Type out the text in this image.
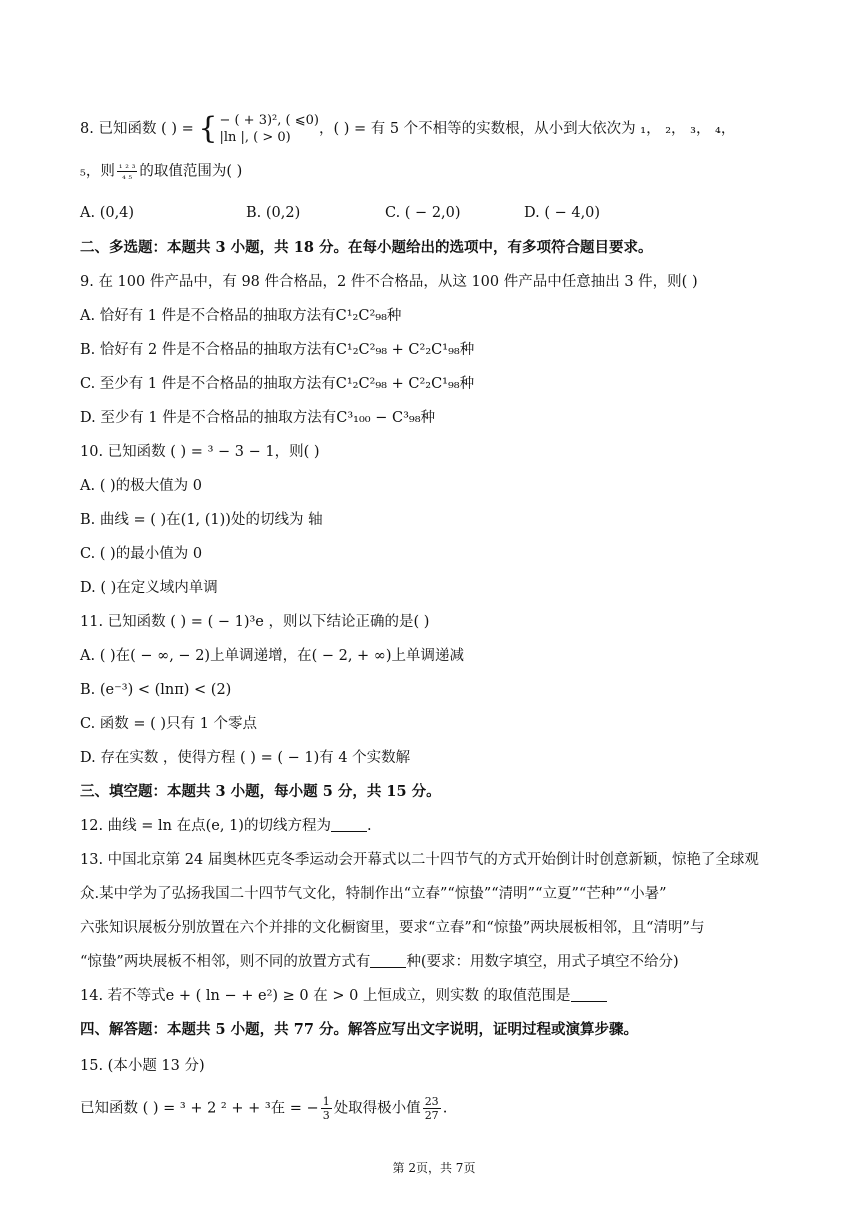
8. 已知函数 ( ) = { − ( + 3)², ( ⩽0)
|ln |, ( > 0)
，( ) = 有 5 个不相等的实数根，从小到大依次为 ₁， ₂， ₃， ₄，
₅，则 $\frac{\text{₁ ₂ ₃}}{\text{₄ ₅}}$ 的取值范围为( )
A. (0,4)	B. (0,2)	C. ( − 2,0)	D. ( − 4,0)
二、多选题：本题共 3 小题，共 18 分。在每小题给出的选项中，有多项符合题目要求。
9. 在 100 件产品中，有 98 件合格品，2 件不合格品，从这 100 件产品中任意抽出 3 件，则( )
A. 恰好有 1 件是不合格品的抽取方法有C¹₂C²₉₈种
B. 恰好有 2 件是不合格品的抽取方法有C¹₂C²₉₈ + C²₂C¹₉₈种
C. 至少有 1 件是不合格品的抽取方法有C¹₂C²₉₈ + C²₂C¹₉₈种
D. 至少有 1 件是不合格品的抽取方法有C³₁₀₀ − C³₉₈种
10. 已知函数 ( ) = ³ − 3 − 1，则( )
A. ( )的极大值为 0
B. 曲线 = ( )在(1, (1))处的切线为 轴
C. ( )的最小值为 0
D. ( )在定义域内单调
11. 已知函数 ( ) = ( − 1)³e ，则以下结论正确的是( )
A. ( )在( − ∞, − 2)上单调递增，在( − 2, + ∞)上单调递减
B. (e⁻³) < (lnπ) < (2)
C. 函数 = ( )只有 1 个零点
D. 存在实数 ，使得方程 ( ) = ( − 1)有 4 个实数解
三、填空题：本题共 3 小题，每小题 5 分，共 15 分。
12. 曲线 = ln 在点(e, 1)的切线方程为 .
13. 中国北京第 24 届奥林匹克冬季运动会开幕式以二十四节气的方式开始倒计时创意新颖，惊艳了全球观
众.某中学为了弘扬我国二十四节气文化，特制作出“立春”“惊蛰”“清明”“立夏”“芒种”“小暑”
六张知识展板分别放置在六个并排的文化橱窗里，要求“立春”和“惊蛰”两块展板相邻，且“清明”与
“惊蛰”两块展板不相邻，则不同的放置方式有 种(要求：用数字填空，用式子填空不给分)
14. 若不等式e + ( ln − + e²) ≥ 0 在 > 0 上恒成立，则实数 的取值范围是
四、解答题：本题共 5 小题，共 77 分。解答应写出文字说明，证明过程或演算步骤。
15. (本小题 13 分)
已知函数 ( ) = ³ + 2 ² + + ³在 = − $\frac{1}{3}$ 处取得极小值 $\frac{23}{27}$ .
第 2页，共 7页
